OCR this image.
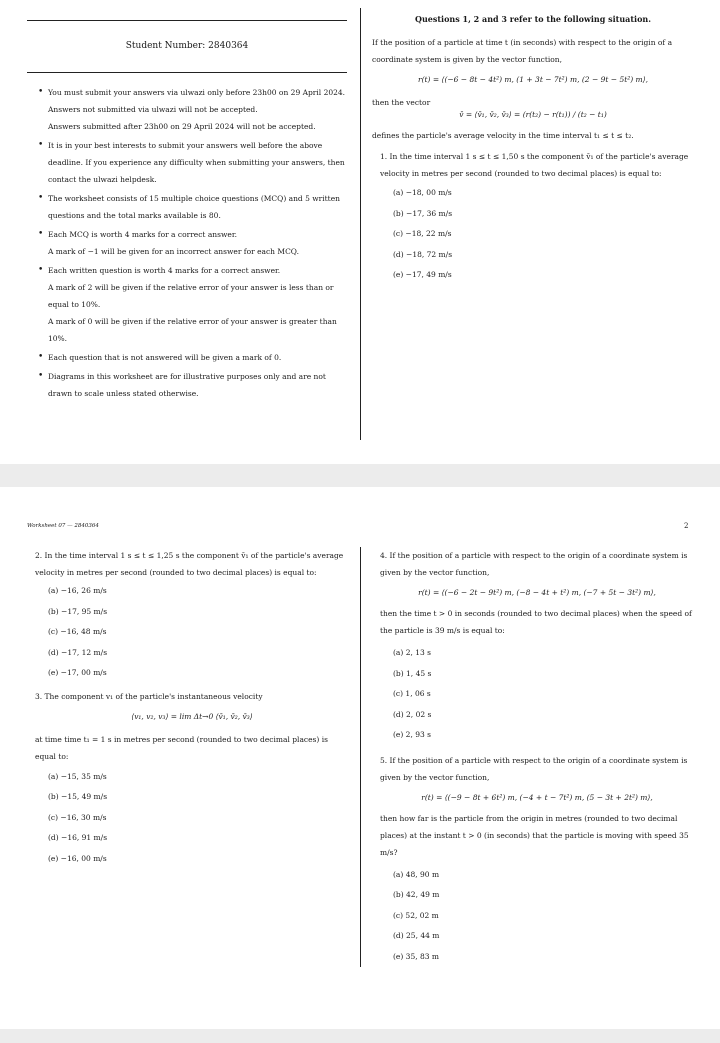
Student Number: 2840364
• You must submit your answers via ulwazi only before 23h00 on 29 April 2024.
Answers not submitted via ulwazi will not be accepted.
Answers submitted after 23h00 on 29 April 2024 will not be accepted.
• It is in your best interests to submit your answers well before the above deadline. If you experience any difficulty when submitting your answers, then contact the ulwazi helpdesk.
• The worksheet consists of 15 multiple choice questions (MCQ) and 5 written questions and the total marks available is 80.
• Each MCQ is worth 4 marks for a correct answer.
A mark of −1 will be given for an incorrect answer for each MCQ.
• Each written question is worth 4 marks for a correct answer.
A mark of 2 will be given if the relative error of your answer is less than or equal to 10%.
A mark of 0 will be given if the relative error of your answer is greater than 10%.
• Each question that is not answered will be given a mark of 0.
• Diagrams in this worksheet are for illustrative purposes only and are not drawn to scale unless stated otherwise.
Questions 1, 2 and 3 refer to the following situation.
If the position of a particle at time t (in seconds) with respect to the origin of a coordinate system is given by the vector function,
r(t) = ⟨(−6 − 8t − 4t²) m, (1 + 3t − 7t²) m, (2 − 9t − 5t²) m⟩,
then the vector
v̄ = ⟨v̄₁, v̄₂, v̄₃⟩ = (r(t₂) − r(t₁)) / (t₂ − t₁)
defines the particle's average velocity in the time interval t₁ ≤ t ≤ t₂.
1. In the time interval 1 s ≤ t ≤ 1,50 s the component v̄₁ of the particle's average velocity in metres per second (rounded to two decimal places) is equal to:
(a) −18, 00 m/s
(b) −17, 36 m/s
(c) −18, 22 m/s
(d) −18, 72 m/s
(e) −17, 49 m/s
Worksheet 07 — 2840364	2
2. In the time interval 1 s ≤ t ≤ 1,25 s the component v̄₁ of the particle's average velocity in metres per second (rounded to two decimal places) is equal to:
(a) −16, 26 m/s
(b) −17, 95 m/s
(c) −16, 48 m/s
(d) −17, 12 m/s
(e) −17, 00 m/s
3. The component v₁ of the particle's instantaneous velocity
⟨v₁, v₂, v₃⟩ = lim Δt→0 ⟨v̄₁, v̄₂, v̄₃⟩
at time time t₁ = 1 s in metres per second (rounded to two decimal places) is equal to:
(a) −15, 35 m/s
(b) −15, 49 m/s
(c) −16, 30 m/s
(d) −16, 91 m/s
(e) −16, 00 m/s
4. If the position of a particle with respect to the origin of a coordinate system is given by the vector function,
r(t) = ⟨(−6 − 2t − 9t²) m, (−8 − 4t + t²) m, (−7 + 5t − 3t²) m⟩,
then the time t > 0 in seconds (rounded to two decimal places) when the speed of the particle is 39 m/s is equal to:
(a) 2, 13 s
(b) 1, 45 s
(c) 1, 06 s
(d) 2, 02 s
(e) 2, 93 s
5. If the position of a particle with respect to the origin of a coordinate system is given by the vector function,
r(t) = ⟨(−9 − 8t + 6t²) m, (−4 + t − 7t²) m, (5 − 3t + 2t²) m⟩,
then how far is the particle from the origin in metres (rounded to two decimal places) at the instant t > 0 (in seconds) that the particle is moving with speed 35 m/s?
(a) 48, 90 m
(b) 42, 49 m
(c) 52, 02 m
(d) 25, 44 m
(e) 35, 83 m
